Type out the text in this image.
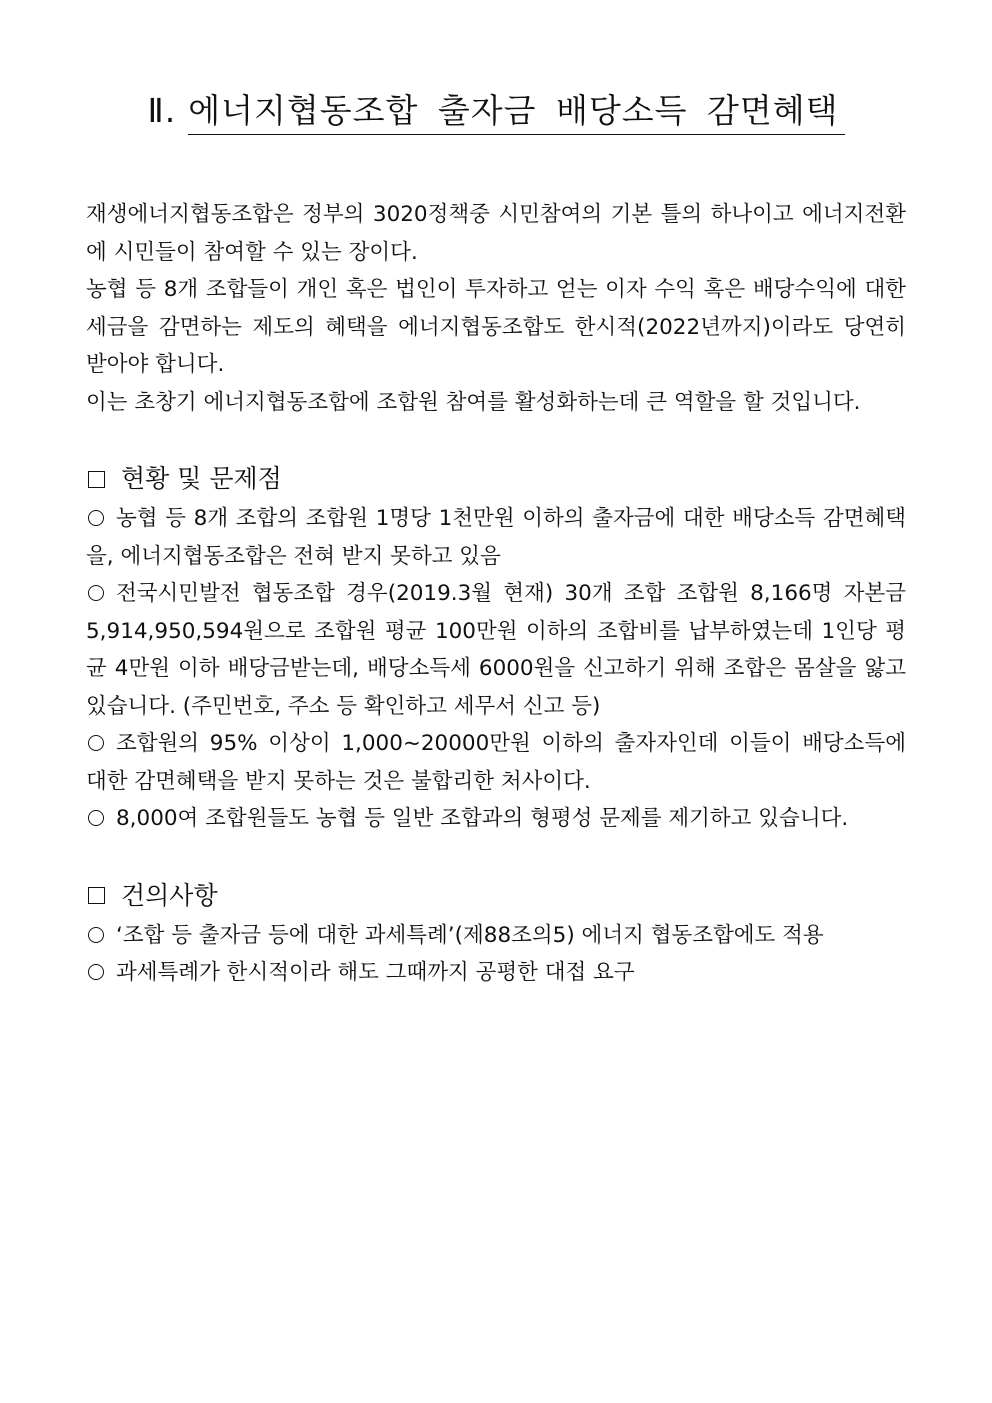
Ⅱ. 에너지협동조합 출자금 배당소득 감면혜택

재생에너지협동조합은 정부의 3020정책중 시민참여의 기본 틀의 하나이고 에너지전환에 시민들이 참여할 수 있는 장이다.

농협 등 8개 조합들이 개인 혹은 법인이 투자하고 얻는 이자 수익 혹은 배당수익에 대한 세금을 감면하는 제도의 혜택을 에너지협동조합도 한시적(2022년까지)이라도 당연히 받아야 합니다.

이는 초창기 에너지협동조합에 조합원 참여를 활성화하는데 큰 역할을 할 것입니다.

현황 및 문제점

농협 등 8개 조합의 조합원 1명당 1천만원 이하의 출자금에 대한 배당소득 감면혜택을, 에너지협동조합은 전혀 받지 못하고 있음

전국시민발전 협동조합 경우(2019.3월 현재) 30개 조합 조합원 8,166명 자본금 5,914,950,594원으로 조합원 평균 100만원 이하의 조합비를 납부하였는데 1인당 평균 4만원 이하 배당금받는데, 배당소득세 6000원을 신고하기 위해 조합은 몸살을 앓고 있습니다. (주민번호, 주소 등 확인하고 세무서 신고 등)

조합원의 95% 이상이 1,000~20000만원 이하의 출자자인데 이들이 배당소득에 대한 감면혜택을 받지 못하는 것은 불합리한 처사이다.

8,000여 조합원들도 농협 등 일반 조합과의 형평성 문제를 제기하고 있습니다.

건의사항

‘조합 등 출자금 등에 대한 과세특례’(제88조의5) 에너지 협동조합에도 적용

과세특례가 한시적이라 해도 그때까지 공평한 대접 요구
